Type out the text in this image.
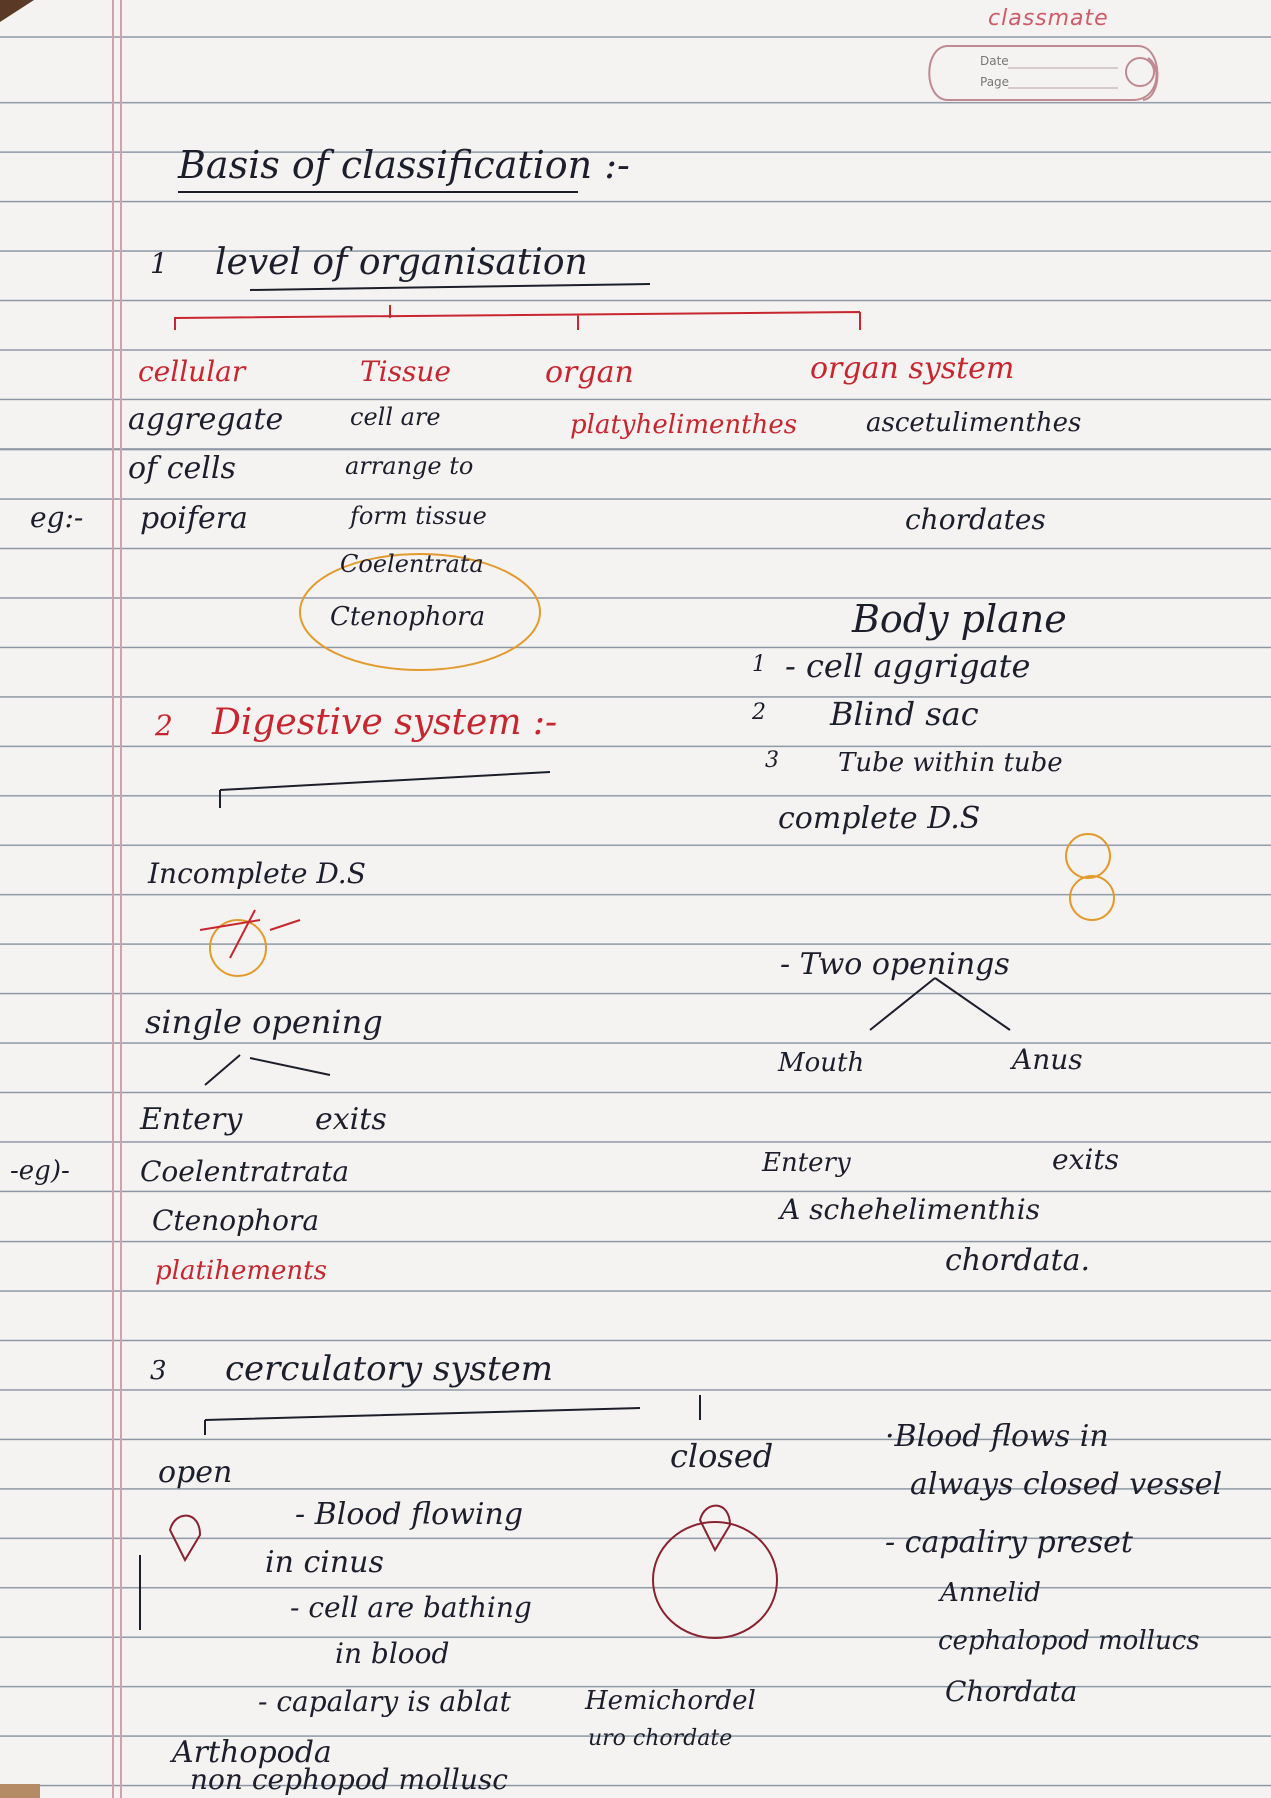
classmate
Date
Page
Basis of classification :-
1 level of organisation
cellular
aggregate
of cells
eg:- poifera
Tissue
cell are
arrange to
form tissue
Coelentrata
Ctenophora
organ
platyhelimenthes
organ system
ascetulimenthes
chordates
Body plane
1 - cell aggrigate
2 Blind sac
3 Tube within tube
2 Digestive system :-
Incomplete D.S
single opening
Entery exits
-eg)-	Coelentratrata
Ctenophora
platihements
complete D.S
- Two openings
Mouth	Anus
Entery	exits
A schehelimenthis
chordata.
3 cerculatory system
open
- Blood flowing
in cinus
- cell are bathing
in blood
- capalary is ablat
Arthopoda
non cephopod mollusc
closed
Hemichordel
uro chordate
·Blood flows in
always closed vessel
- capaliry preset
Annelid
cephalopod mollucs
Chordata
